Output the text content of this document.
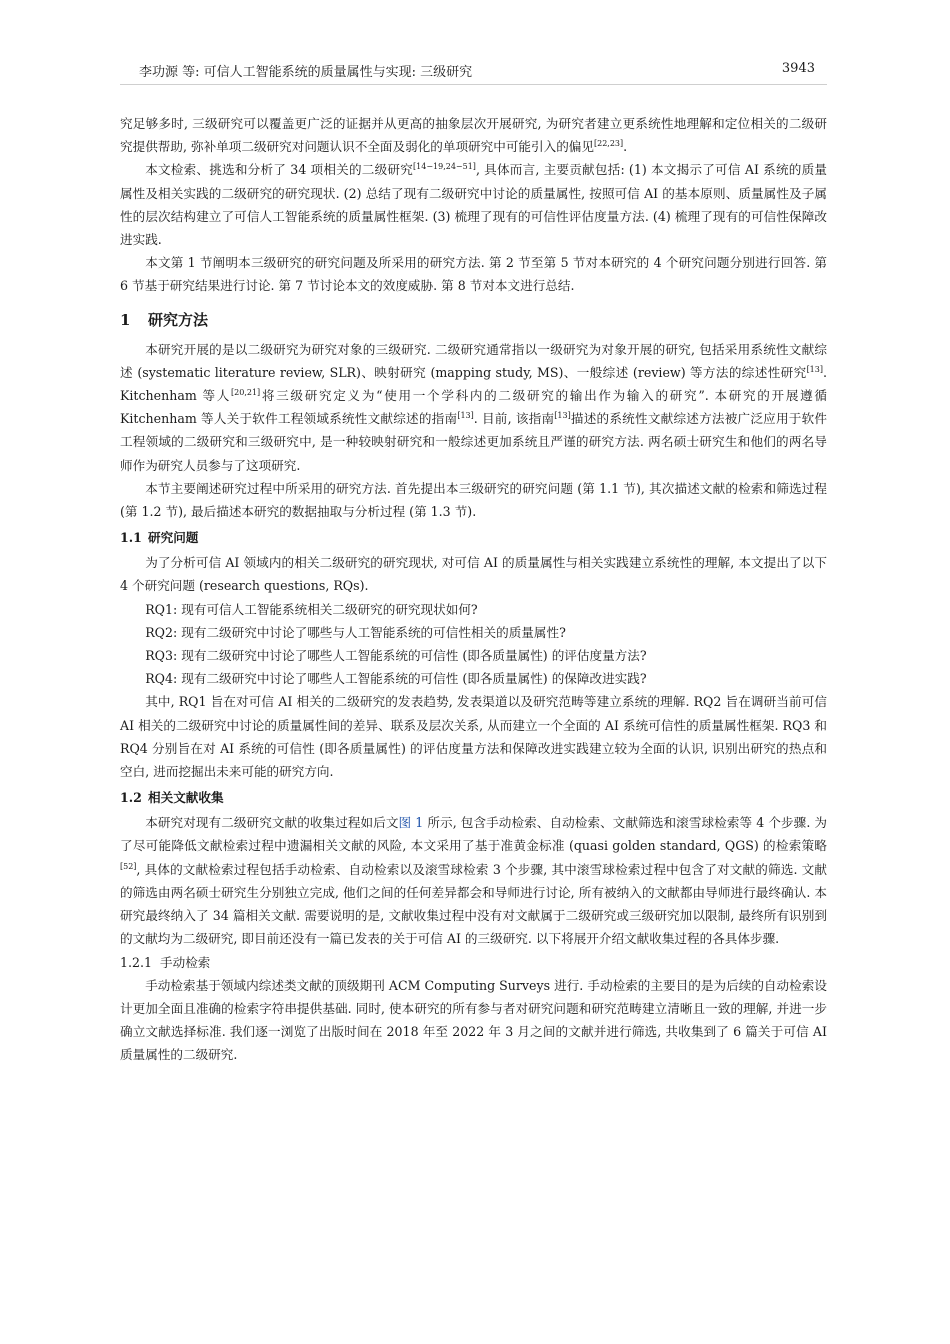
李功源 等: 可信人工智能系统的质量属性与实现: 三级研究	3943

究足够多时, 三级研究可以覆盖更广泛的证据并从更高的抽象层次开展研究, 为研究者建立更系统性地理解和定位相关的二级研究提供帮助, 弥补单项二级研究对问题认识不全面及弱化的单项研究中可能引入的偏见[22,23].

本文检索、挑选和分析了 34 项相关的二级研究[14−19,24−51], 具体而言, 主要贡献包括: (1) 本文揭示了可信 AI 系统的质量属性及相关实践的二级研究的研究现状. (2) 总结了现有二级研究中讨论的质量属性, 按照可信 AI 的基本原则、质量属性及子属性的层次结构建立了可信人工智能系统的质量属性框架. (3) 梳理了现有的可信性评估度量方法. (4) 梳理了现有的可信性保障改进实践.

本文第 1 节阐明本三级研究的研究问题及所采用的研究方法. 第 2 节至第 5 节对本研究的 4 个研究问题分别进行回答. 第 6 节基于研究结果进行讨论. 第 7 节讨论本文的效度威胁. 第 8 节对本文进行总结.

1 研究方法

本研究开展的是以二级研究为研究对象的三级研究. 二级研究通常指以一级研究为对象开展的研究, 包括采用系统性文献综述 (systematic literature review, SLR)、映射研究 (mapping study, MS)、一般综述 (review) 等方法的综述性研究[13]. Kitchenham 等人[20,21]将三级研究定义为“使用一个学科内的二级研究的输出作为输入的研究”. 本研究的开展遵循 Kitchenham 等人关于软件工程领域系统性文献综述的指南[13]. 目前, 该指南[13]描述的系统性文献综述方法被广泛应用于软件工程领域的二级研究和三级研究中, 是一种较映射研究和一般综述更加系统且严谨的研究方法. 两名硕士研究生和他们的两名导师作为研究人员参与了这项研究.

本节主要阐述研究过程中所采用的研究方法. 首先提出本三级研究的研究问题 (第 1.1 节), 其次描述文献的检索和筛选过程 (第 1.2 节), 最后描述本研究的数据抽取与分析过程 (第 1.3 节).

1.1 研究问题

为了分析可信 AI 领域内的相关二级研究的研究现状, 对可信 AI 的质量属性与相关实践建立系统性的理解, 本文提出了以下 4 个研究问题 (research questions, RQs).

RQ1: 现有可信人工智能系统相关二级研究的研究现状如何?

RQ2: 现有二级研究中讨论了哪些与人工智能系统的可信性相关的质量属性?

RQ3: 现有二级研究中讨论了哪些人工智能系统的可信性 (即各质量属性) 的评估度量方法?

RQ4: 现有二级研究中讨论了哪些人工智能系统的可信性 (即各质量属性) 的保障改进实践?

其中, RQ1 旨在对可信 AI 相关的二级研究的发表趋势, 发表渠道以及研究范畴等建立系统的理解. RQ2 旨在调研当前可信 AI 相关的二级研究中讨论的质量属性间的差异、联系及层次关系, 从而建立一个全面的 AI 系统可信性的质量属性框架. RQ3 和 RQ4 分别旨在对 AI 系统的可信性 (即各质量属性) 的评估度量方法和保障改进实践建立较为全面的认识, 识别出研究的热点和空白, 进而挖掘出未来可能的研究方向.

1.2 相关文献收集

本研究对现有二级研究文献的收集过程如后文图 1 所示, 包含手动检索、自动检索、文献筛选和滚雪球检索等 4 个步骤. 为了尽可能降低文献检索过程中遗漏相关文献的风险, 本文采用了基于准黄金标准 (quasi golden standard, QGS) 的检索策略[52], 具体的文献检索过程包括手动检索、自动检索以及滚雪球检索 3 个步骤, 其中滚雪球检索过程中包含了对文献的筛选. 文献的筛选由两名硕士研究生分别独立完成, 他们之间的任何差异都会和导师进行讨论, 所有被纳入的文献都由导师进行最终确认. 本研究最终纳入了 34 篇相关文献. 需要说明的是, 文献收集过程中没有对文献属于二级研究或三级研究加以限制, 最终所有识别到的文献均为二级研究, 即目前还没有一篇已发表的关于可信 AI 的三级研究. 以下将展开介绍文献收集过程的各具体步骤.

1.2.1 手动检索

手动检索基于领域内综述类文献的顶级期刊 ACM Computing Surveys 进行. 手动检索的主要目的是为后续的自动检索设计更加全面且准确的检索字符串提供基础. 同时, 使本研究的所有参与者对研究问题和研究范畴建立清晰且一致的理解, 并进一步确立文献选择标准. 我们逐一浏览了出版时间在 2018 年至 2022 年 3 月之间的文献并进行筛选, 共收集到了 6 篇关于可信 AI 质量属性的二级研究.
